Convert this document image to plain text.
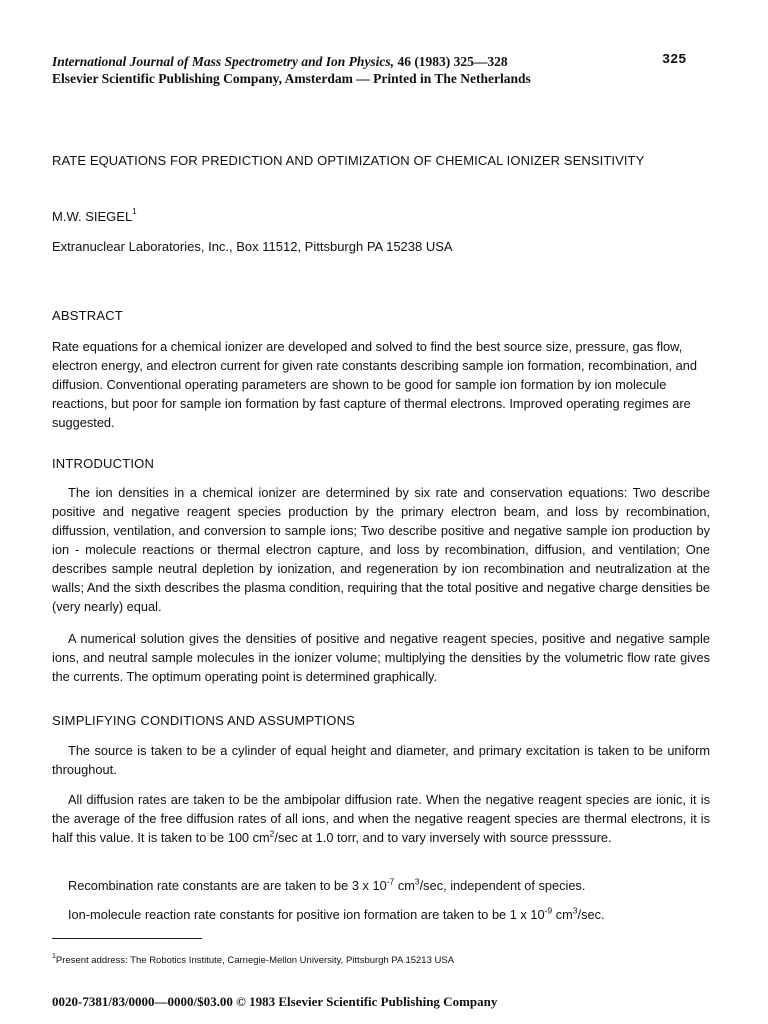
International Journal of Mass Spectrometry and Ion Physics, 46 (1983) 325—328
Elsevier Scientific Publishing Company, Amsterdam — Printed in The Netherlands
325
RATE EQUATIONS FOR PREDICTION AND OPTIMIZATION OF CHEMICAL IONIZER SENSITIVITY
M.W. SIEGEL$^1$
Extranuclear Laboratories, Inc., Box 11512, Pittsburgh PA 15238 USA
ABSTRACT
Rate equations for a chemical ionizer are developed and solved to find the best source size, pressure, gas flow, electron energy, and electron current for given rate constants describing sample ion formation, recombination, and diffusion. Conventional operating parameters are shown to be good for sample ion formation by ion molecule reactions, but poor for sample ion formation by fast capture of thermal electrons. Improved operating regimes are suggested.
INTRODUCTION
The ion densities in a chemical ionizer are determined by six rate and conservation equations: Two describe positive and negative reagent species production by the primary electron beam, and loss by recombination, diffussion, ventilation, and conversion to sample ions; Two describe positive and negative sample ion production by ion - molecule reactions or thermal electron capture, and loss by recombination, diffusion, and ventilation; One describes sample neutral depletion by ionization, and regeneration by ion recombination and neutralization at the walls; And the sixth describes the plasma condition, requiring that the total positive and negative charge densities be (very nearly) equal.
A numerical solution gives the densities of positive and negative reagent species, positive and negative sample ions, and neutral sample molecules in the ionizer volume; multiplying the densities by the volumetric flow rate gives the currents. The optimum operating point is determined graphically.
SIMPLIFYING CONDITIONS AND ASSUMPTIONS
The source is taken to be a cylinder of equal height and diameter, and primary excitation is taken to be uniform throughout.
All diffusion rates are taken to be the ambipolar diffusion rate. When the negative reagent species are ionic, it is the average of the free diffusion rates of all ions, and when the negative reagent species are thermal electrons, it is half this value. It is taken to be 100 $cm^2/\sec$ at 1.0 torr, and to vary inversely with source presssure.
Recombination rate constants are are taken to be 3 x $10^{-7}$ $cm^3/\sec$, independent of species.
Ion-molecule reaction rate constants for positive ion formation are taken to be 1 x $10^{-9}$ $cm^3/\sec$.
$^1$Present address: The Robotics Institute, Carnegie-Mellon University, Pittsburgh PA 15213 USA
0020-7381/83/0000—0000/$03.00 © 1983 Elsevier Scientific Publishing Company
